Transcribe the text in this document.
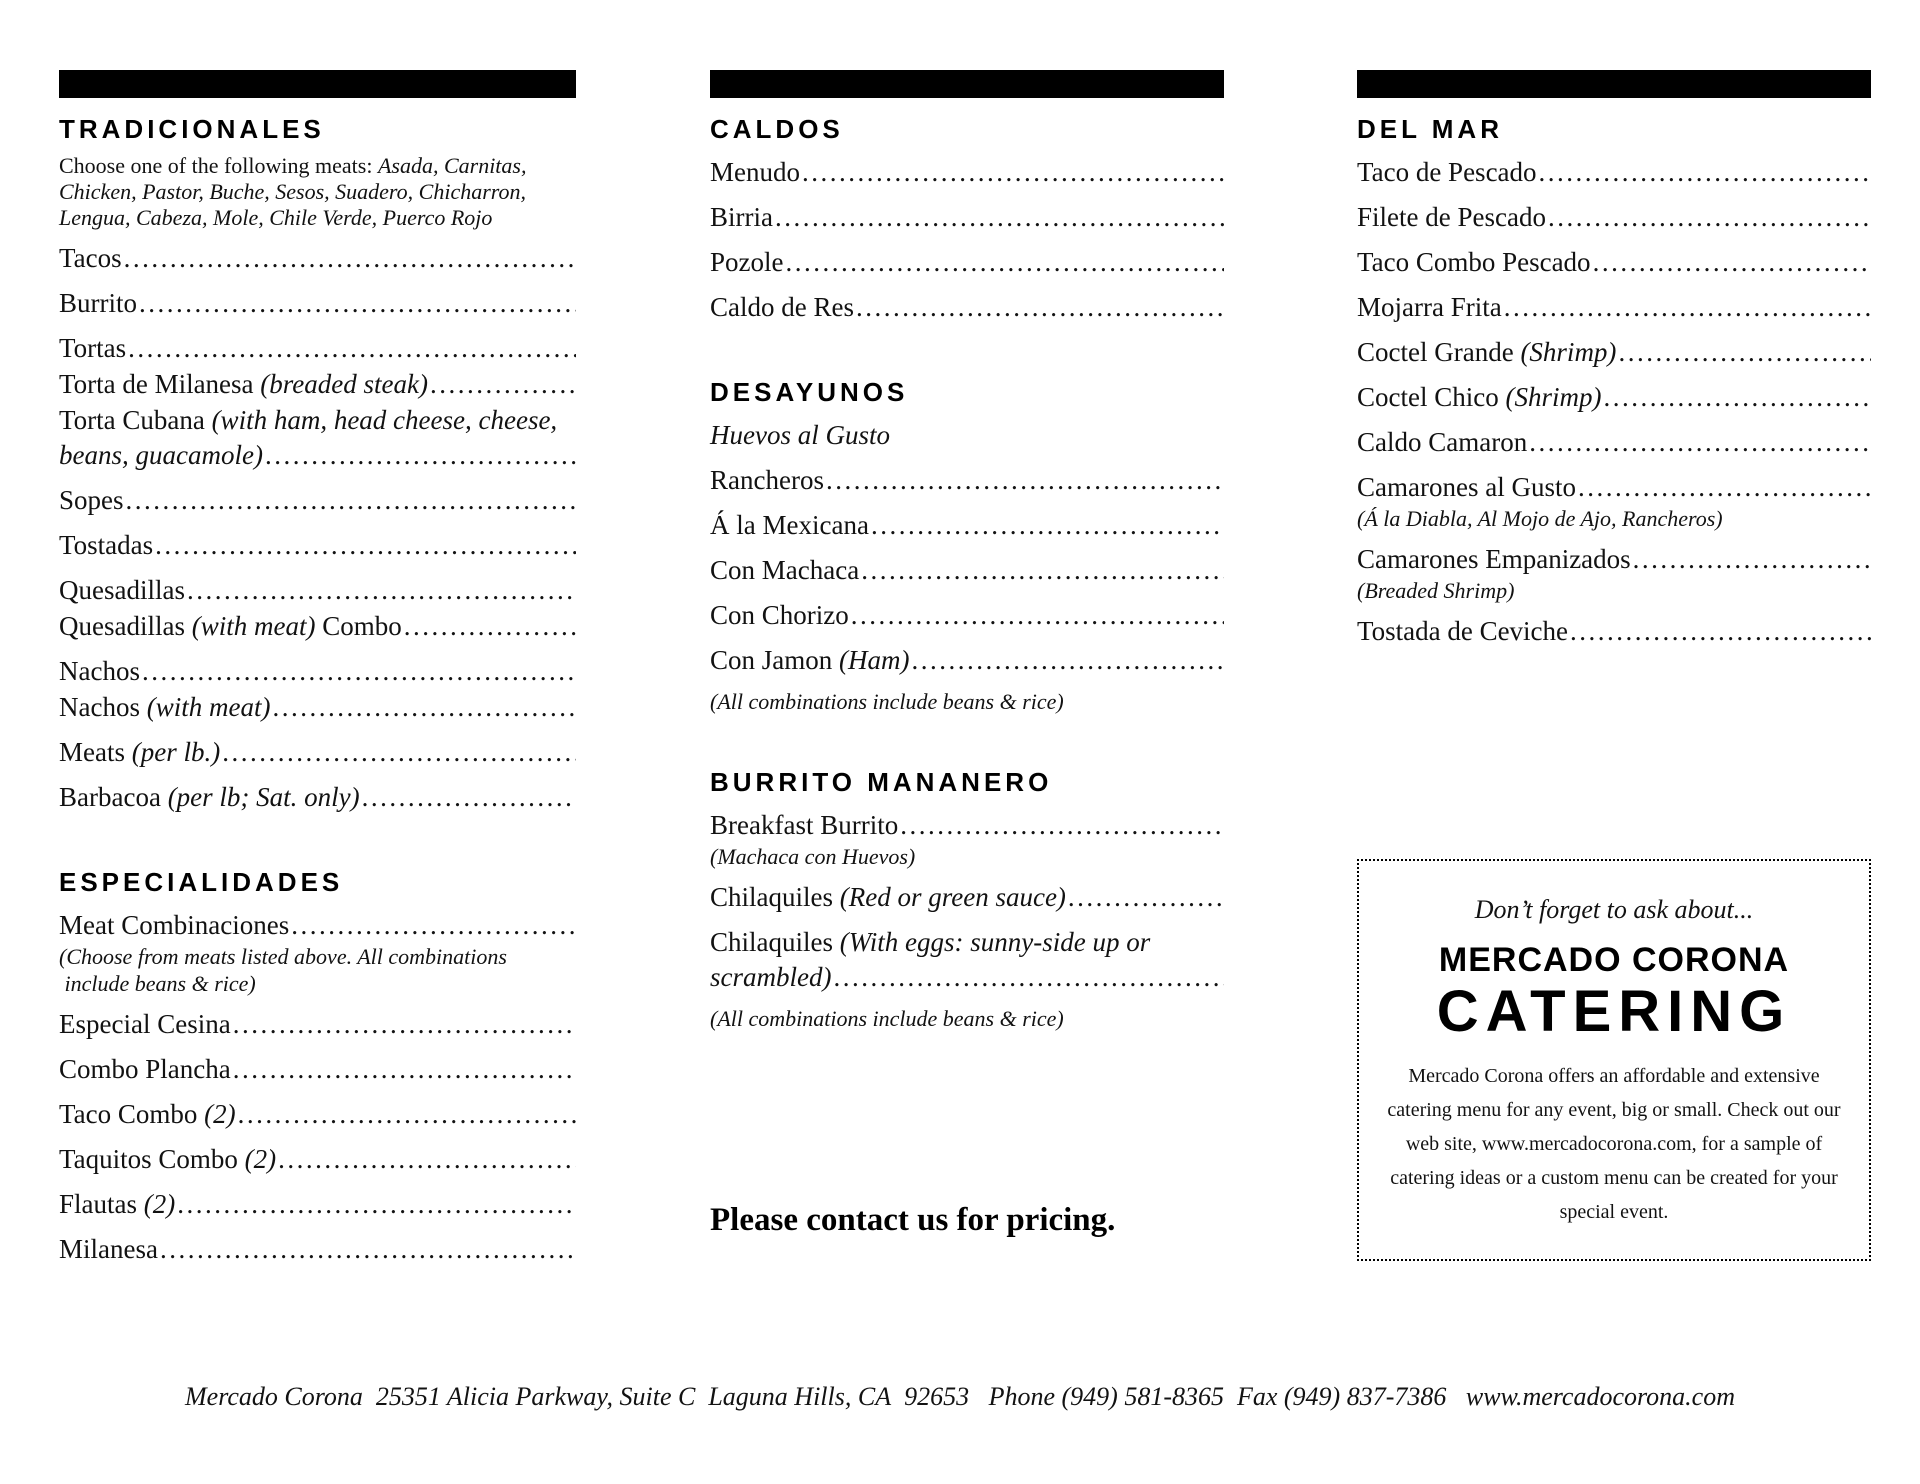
TRADICIONALES

Choose one of the following meats: Asada, Carnitas, Chicken, Pastor, Buche, Sesos, Suadero, Chicharron, Lengua, Cabeza, Mole, Chile Verde, Puerco Rojo

Tacos
.....
Burrito
.....
Tortas
.....
Torta de Milanesa (breaded steak)
.....
Torta Cubana (with ham, head cheese, cheese,
beans, guacamole)
.....
Sopes
.....
Tostadas
.....
Quesadillas
.....
Quesadillas (with meat) Combo
.....
Nachos
.....
Nachos (with meat)
.....
Meats (per lb.)
.....
Barbacoa (per lb; Sat. only)
.....
ESPECIALIDADES
Meat Combinaciones
.....
(Choose from meats listed above. All combinations
include beans & rice)
Especial Cesina
.....
Combo Plancha
.....
Taco Combo (2)
.....
Taquitos Combo (2)
.....
Flautas (2)
.....
Milanesa
.....
CALDOS
Menudo
.....
Birria
.....
Pozole
.....
Caldo de Res
.....
DESAYUNOS
Huevos al Gusto
Rancheros
.....
Á la Mexicana
.....
Con Machaca
.....
Con Chorizo
.....
Con Jamon (Ham)
.....
(All combinations include beans & rice)
BURRITO MANANERO
Breakfast Burrito
.....
(Machaca con Huevos)
Chilaquiles (Red or green sauce)
.....
Chilaquiles (With eggs: sunny-side up or
scrambled)
.....
(All combinations include beans & rice)
Please contact us for pricing.
DEL MAR
Taco de Pescado
.....
Filete de Pescado
.....
Taco Combo Pescado
.....
Mojarra Frita
.....
Coctel Grande (Shrimp)
.....
Coctel Chico (Shrimp)
.....
Caldo Camaron
.....
Camarones al Gusto
.....
(Á la Diabla, Al Mojo de Ajo, Rancheros)
Camarones Empanizados
.....
(Breaded Shrimp)
Tostada de Ceviche
.....
Don’t forget to ask about...
MERCADO CORONA
CATERING
Mercado Corona offers an affordable and extensive catering menu for any event, big or small. Check out our web site, www.mercadocorona.com, for a sample of catering ideas or a custom menu can be created for your special event.
Mercado Corona  25351 Alicia Parkway, Suite C  Laguna Hills, CA  92653   Phone (949) 581-8365  Fax (949) 837-7386   www.mercadocorona.com
